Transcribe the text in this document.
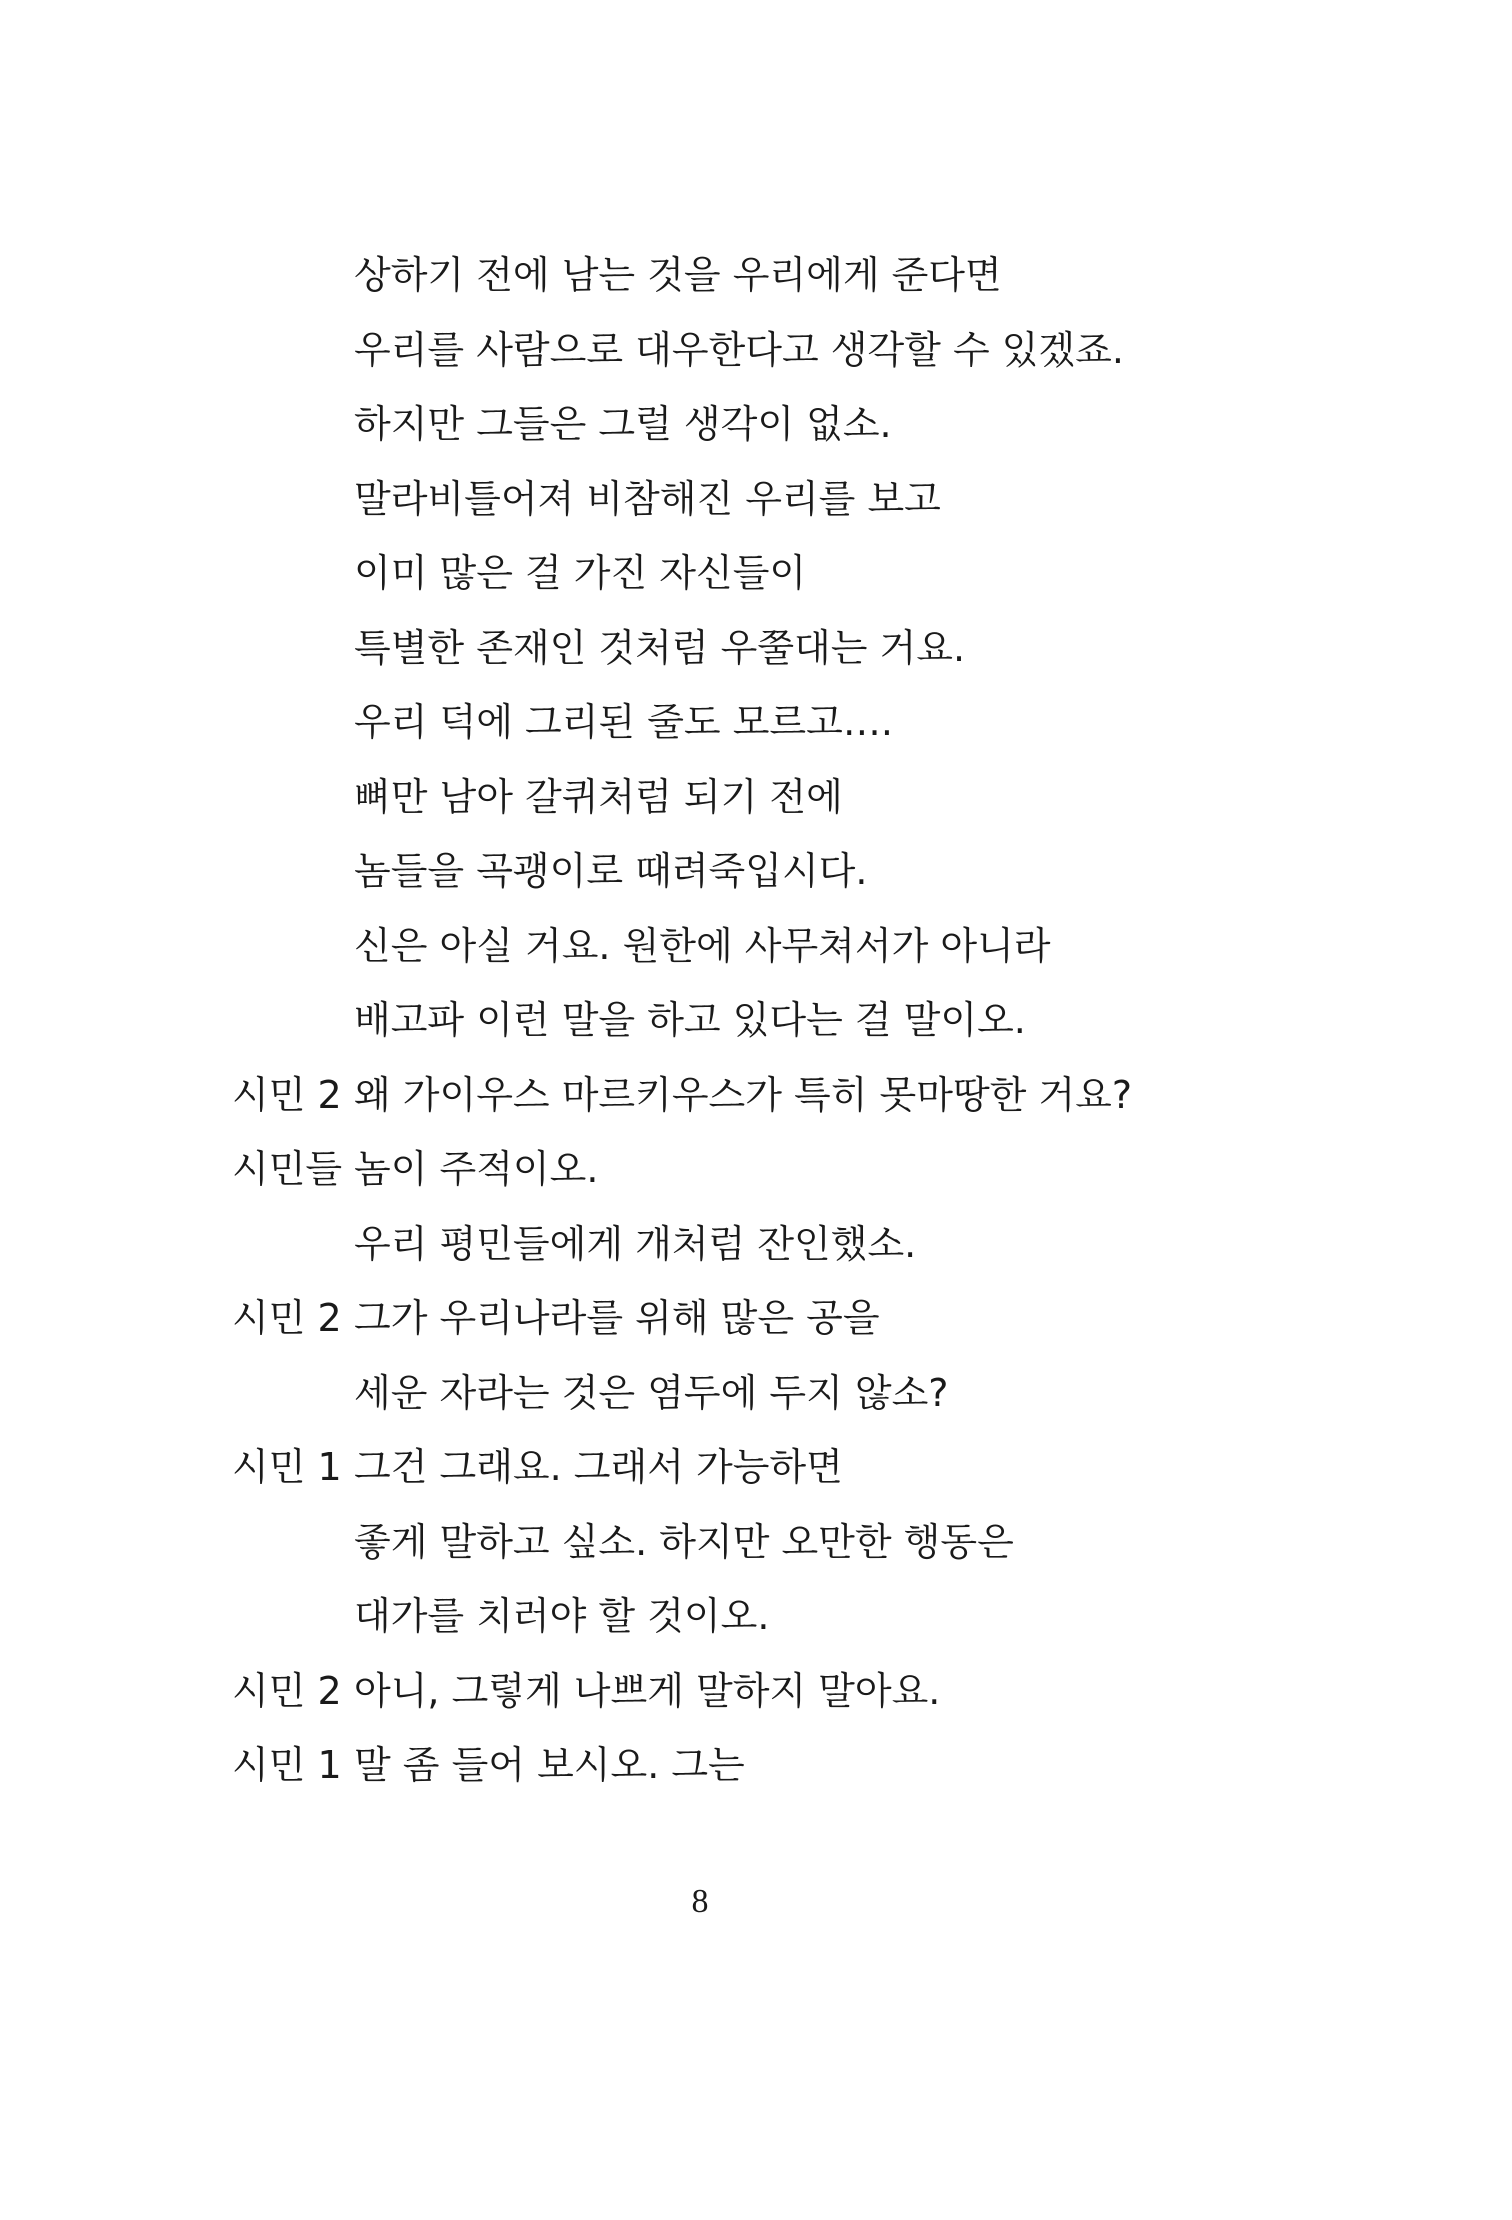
상하기 전에 남는 것을 우리에게 준다면
우리를 사람으로 대우한다고 생각할 수 있겠죠.
하지만 그들은 그럴 생각이 없소.
말라비틀어져 비참해진 우리를 보고
이미 많은 걸 가진 자신들이
특별한 존재인 것처럼 우쭐대는 거요.
우리 덕에 그리된 줄도 모르고….
뼈만 남아 갈퀴처럼 되기 전에
놈들을 곡괭이로 때려죽입시다.
신은 아실 거요. 원한에 사무쳐서가 아니라
배고파 이런 말을 하고 있다는 걸 말이오.
시민 2 왜 가이우스 마르키우스가 특히 못마땅한 거요?
시민들 놈이 주적이오.
우리 평민들에게 개처럼 잔인했소.
시민 2 그가 우리나라를 위해 많은 공을
세운 자라는 것은 염두에 두지 않소?
시민 1 그건 그래요. 그래서 가능하면
좋게 말하고 싶소. 하지만 오만한 행동은
대가를 치러야 할 것이오.
시민 2 아니, 그렇게 나쁘게 말하지 말아요.
시민 1 말 좀 들어 보시오. 그는
8
